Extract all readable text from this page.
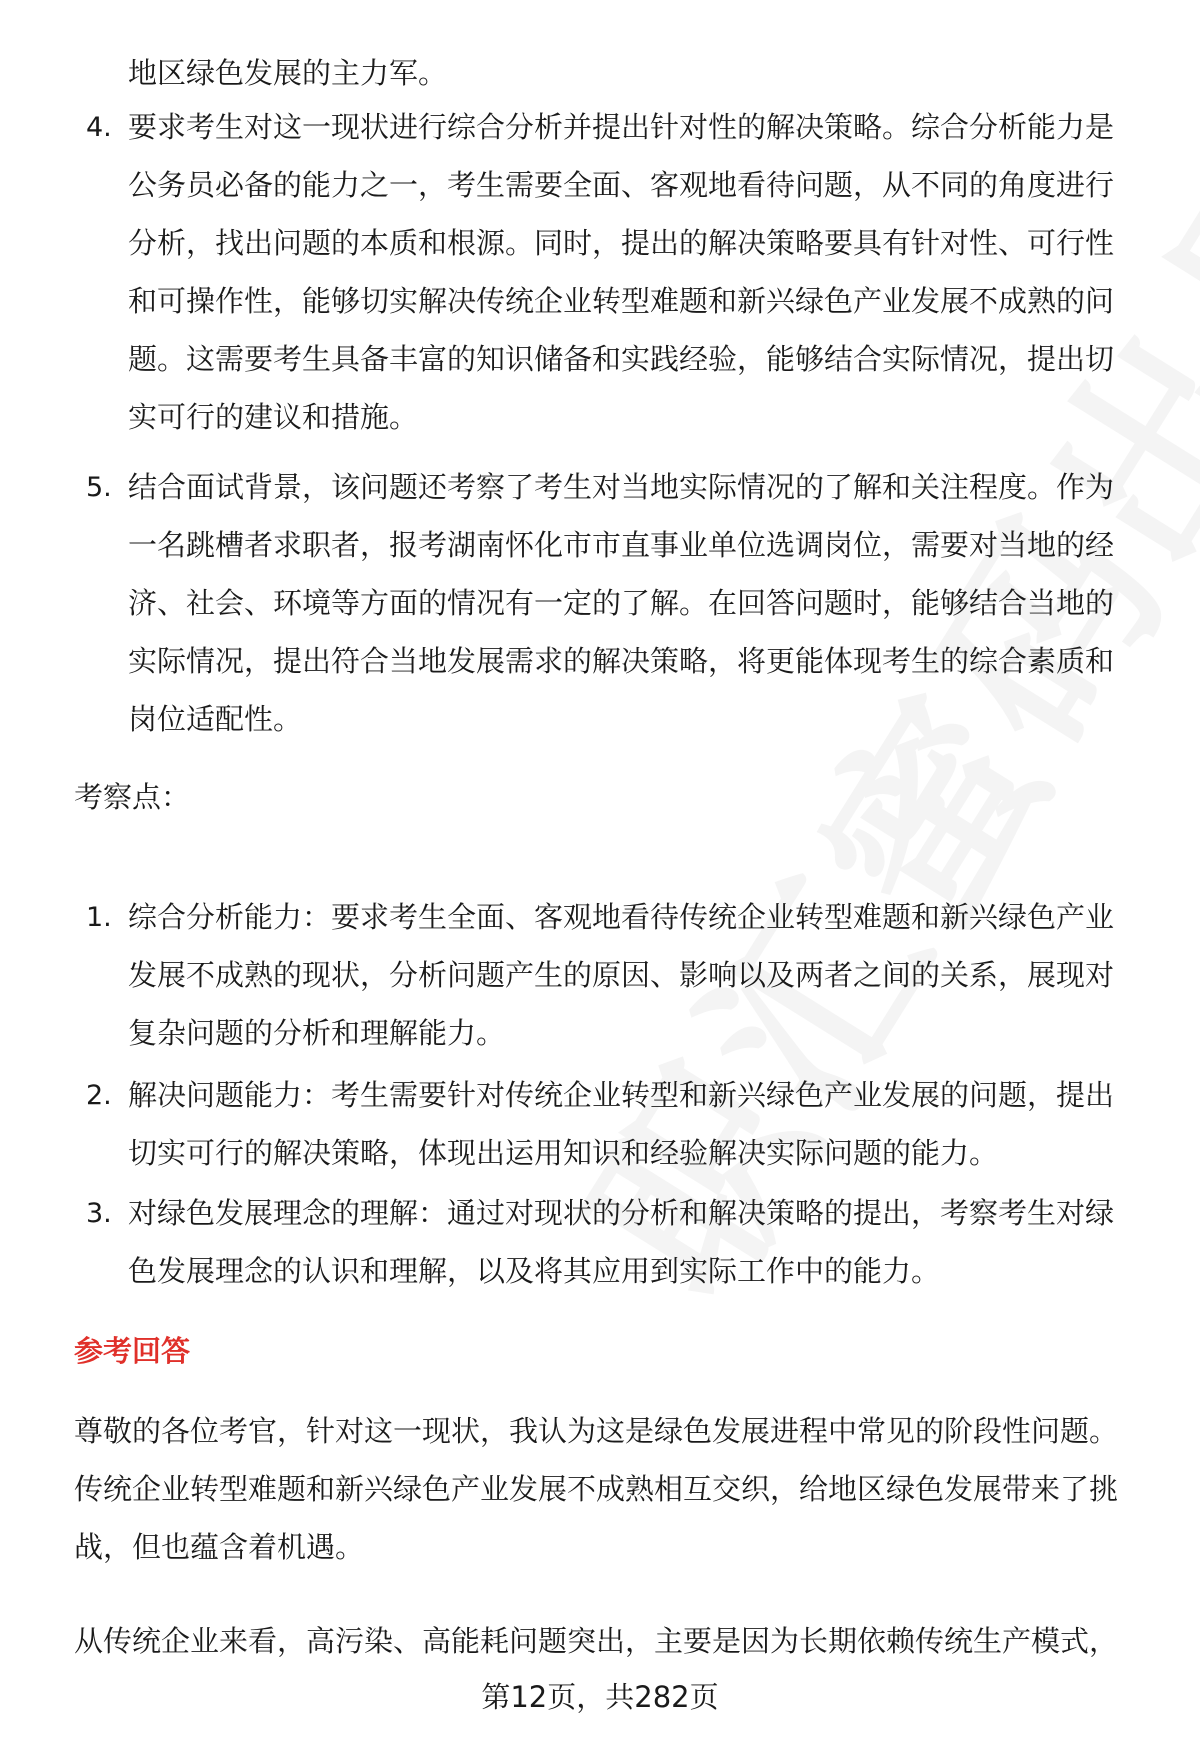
地区绿色发展的主力军。
4. 要求考生对这一现状进行综合分析并提出针对性的解决策略。综合分析能力是
公务员必备的能力之一，考生需要全面、客观地看待问题，从不同的角度进行
分析，找出问题的本质和根源。同时，提出的解决策略要具有针对性、可行性
和可操作性，能够切实解决传统企业转型难题和新兴绿色产业发展不成熟的问
题。这需要考生具备丰富的知识储备和实践经验，能够结合实际情况，提出切
实可行的建议和措施。
5. 结合面试背景，该问题还考察了考生对当地实际情况的了解和关注程度。作为
一名跳槽者求职者，报考湖南怀化市市直事业单位选调岗位，需要对当地的经
济、社会、环境等方面的情况有一定的了解。在回答问题时，能够结合当地的
实际情况，提出符合当地发展需求的解决策略，将更能体现考生的综合素质和
岗位适配性。
考察点：
1. 综合分析能力：要求考生全面、客观地看待传统企业转型难题和新兴绿色产业
发展不成熟的现状，分析问题产生的原因、影响以及两者之间的关系，展现对
复杂问题的分析和理解能力。
2. 解决问题能力：考生需要针对传统企业转型和新兴绿色产业发展的问题，提出
切实可行的解决策略，体现出运用知识和经验解决实际问题的能力。
3. 对绿色发展理念的理解：通过对现状的分析和解决策略的提出，考察考生对绿
色发展理念的认识和理解，以及将其应用到实际工作中的能力。
参考回答
尊敬的各位考官，针对这一现状，我认为这是绿色发展进程中常见的阶段性问题。
传统企业转型难题和新兴绿色产业发展不成熟相互交织，给地区绿色发展带来了挑
战，但也蕴含着机遇。
从传统企业来看，高污染、高能耗问题突出，主要是因为长期依赖传统生产模式，
第12页，共282页
